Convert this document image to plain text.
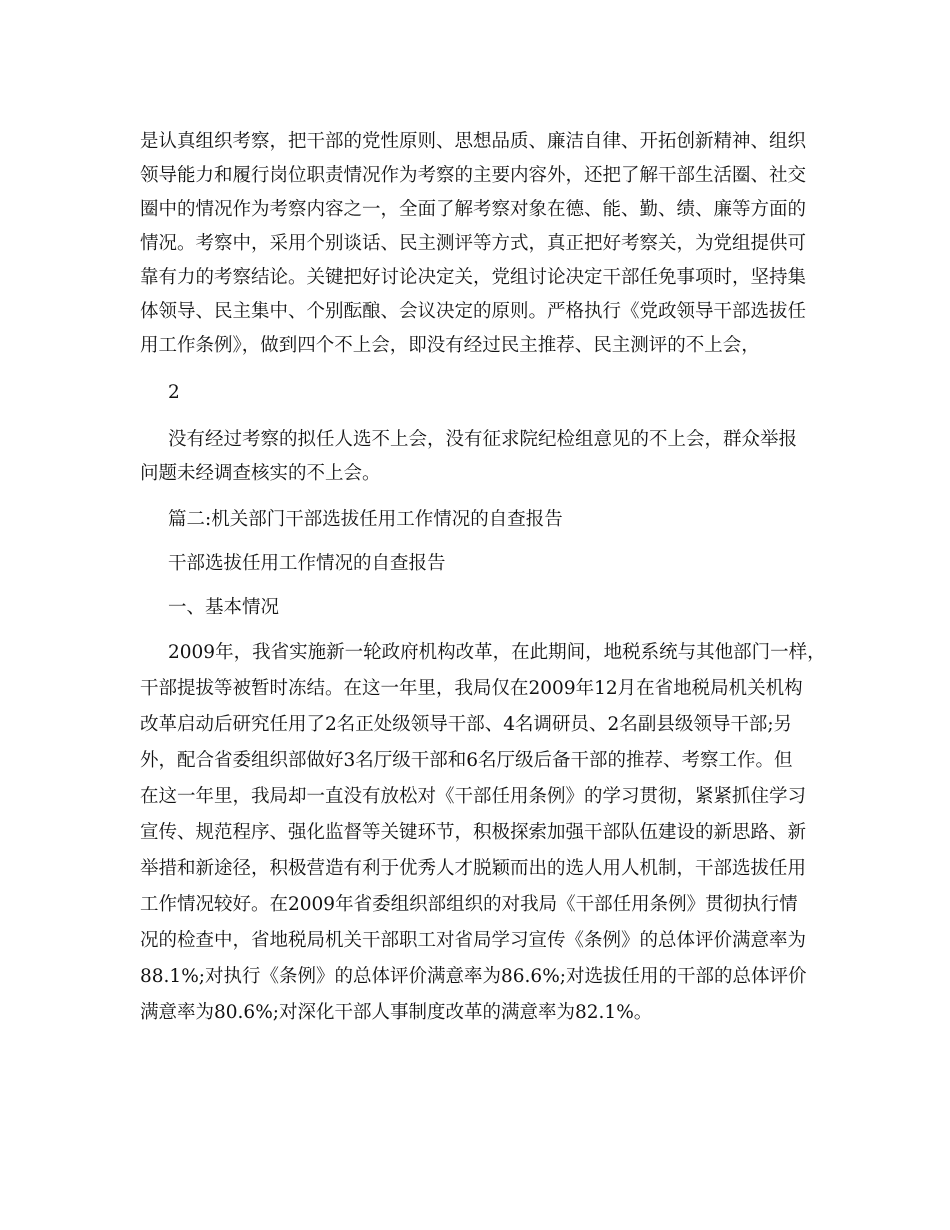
是认真组织考察，把干部的党性原则、思想品质、廉洁自律、开拓创新精神、组织
领导能力和履行岗位职责情况作为考察的主要内容外，还把了解干部生活圈、社交
圈中的情况作为考察内容之一，全面了解考察对象在德、能、勤、绩、廉等方面的
情况。考察中，采用个别谈话、民主测评等方式，真正把好考察关，为党组提供可
靠有力的考察结论。关键把好讨论决定关，党组讨论决定干部任免事项时，坚持集
体领导、民主集中、个别酝酿、会议决定的原则。严格执行《党政领导干部选拔任
用工作条例》，做到四个不上会，即没有经过民主推荐、民主测评的不上会，
2
没有经过考察的拟任人选不上会，没有征求院纪检组意见的不上会，群众举报
问题未经调查核实的不上会。
篇二:机关部门干部选拔任用工作情况的自查报告
干部选拔任用工作情况的自查报告
一、基本情况
2009年，我省实施新一轮政府机构改革，在此期间，地税系统与其他部门一样，
干部提拔等被暂时冻结。在这一年里，我局仅在2009年12月在省地税局机关机构
改革启动后研究任用了2名正处级领导干部、4名调研员、2名副县级领导干部;另
外，配合省委组织部做好3名厅级干部和6名厅级后备干部的推荐、考察工作。但
在这一年里，我局却一直没有放松对《干部任用条例》的学习贯彻，紧紧抓住学习
宣传、规范程序、强化监督等关键环节，积极探索加强干部队伍建设的新思路、新
举措和新途径，积极营造有利于优秀人才脱颖而出的选人用人机制，干部选拔任用
工作情况较好。在2009年省委组织部组织的对我局《干部任用条例》贯彻执行情
况的检查中，省地税局机关干部职工对省局学习宣传《条例》的总体评价满意率为
88.1%;对执行《条例》的总体评价满意率为86.6%;对选拔任用的干部的总体评价
满意率为80.6%;对深化干部人事制度改革的满意率为82.1%。
